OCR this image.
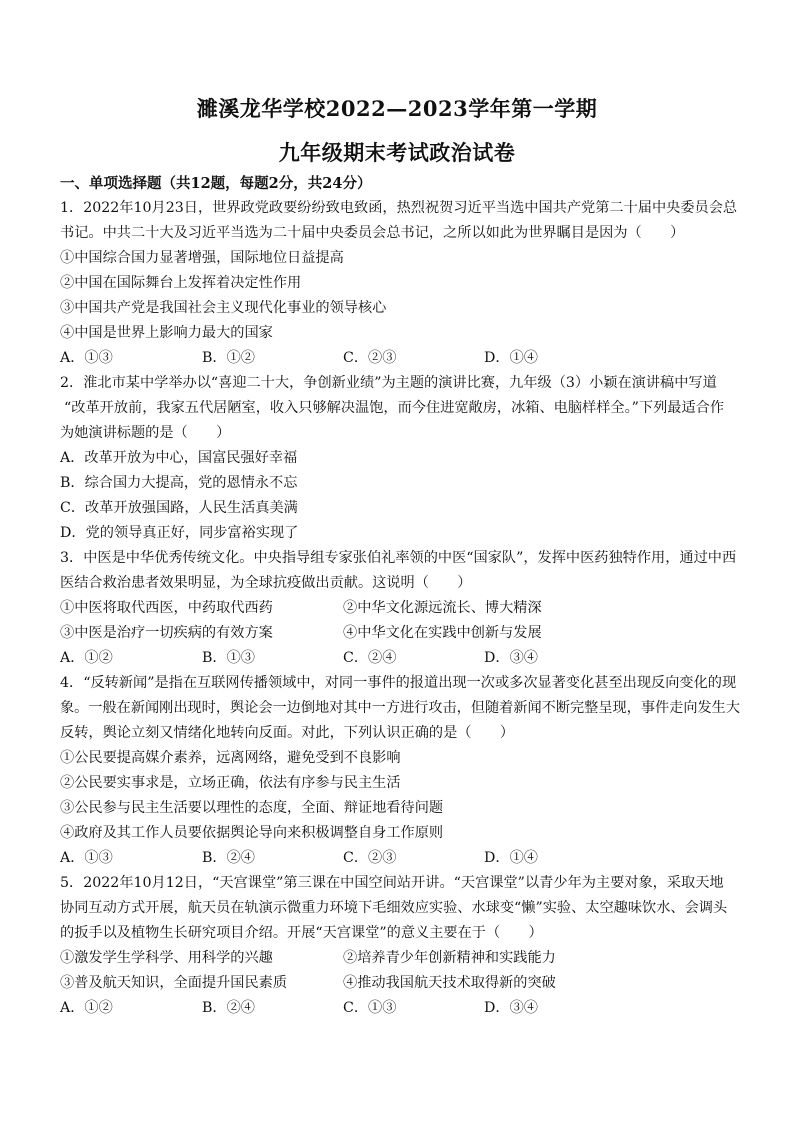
濉溪龙华学校2022—2023学年第一学期
九年级期末考试政治试卷
一、单项选择题（共12题，每题2分，共24分）
1．2022年10月23日，世界政党政要纷纷致电致函，热烈祝贺习近平当选中国共产党第二十届中央委员会总
书记。中共二十大及习近平当选为二十届中央委员会总书记，之所以如此为世界瞩目是因为（　　）
①中国综合国力显著增强，国际地位日益提高
②中国在国际舞台上发挥着决定性作用
③中国共产党是我国社会主义现代化事业的领导核心
④中国是世界上影响力最大的国家
A．①③	B．①②	C．②③	D．①④
2．淮北市某中学举办以“喜迎二十大，争创新业绩”为主题的演讲比赛，九年级（3）小颖在演讲稿中写道
“改革开放前，我家五代居陋室，收入只够解决温饱，而今住进宽敞房，冰箱、电脑样样全。”下列最适合作
为她演讲标题的是（　　）
A．改革开放为中心，国富民强好幸福
B．综合国力大提高，党的恩情永不忘
C．改革开放强国路，人民生活真美满
D．党的领导真正好，同步富裕实现了
3．中医是中华优秀传统文化。中央指导组专家张伯礼率领的中医“国家队”，发挥中医药独特作用，通过中西
医结合救治患者效果明显，为全球抗疫做出贡献。这说明（　　）
①中医将取代西医，中药取代西药	②中华文化源远流长、博大精深
③中医是治疗一切疾病的有效方案	④中华文化在实践中创新与发展
A．①②	B．①③	C．②④	D．③④
4．“反转新闻”是指在互联网传播领域中，对同一事件的报道出现一次或多次显著变化甚至出现反向变化的现
象。一般在新闻刚出现时，舆论会一边倒地对其中一方进行攻击，但随着新闻不断完整呈现，事件走向发生大
反转，舆论立刻又情绪化地转向反面。对此，下列认识正确的是（　　）
①公民要提高媒介素养，远离网络，避免受到不良影响
②公民要实事求是，立场正确，依法有序参与民主生活
③公民参与民主生活要以理性的态度，全面、辩证地看待问题
④政府及其工作人员要依据舆论导向来积极调整自身工作原则
A．①③	B．②④	C．②③	D．①④
5．2022年10月12日，“天宫课堂”第三课在中国空间站开讲。“天宫课堂”以青少年为主要对象，采取天地
协同互动方式开展，航天员在轨演示微重力环境下毛细效应实验、水球变“懒”实验、太空趣味饮水、会调头
的扳手以及植物生长研究项目介绍。开展“天宫课堂”的意义主要在于（　　）
①激发学生学科学、用科学的兴趣	②培养青少年创新精神和实践能力
③普及航天知识，全面提升国民素质	④推动我国航天技术取得新的突破
A．①②	B．②④	C．①③	D．③④
